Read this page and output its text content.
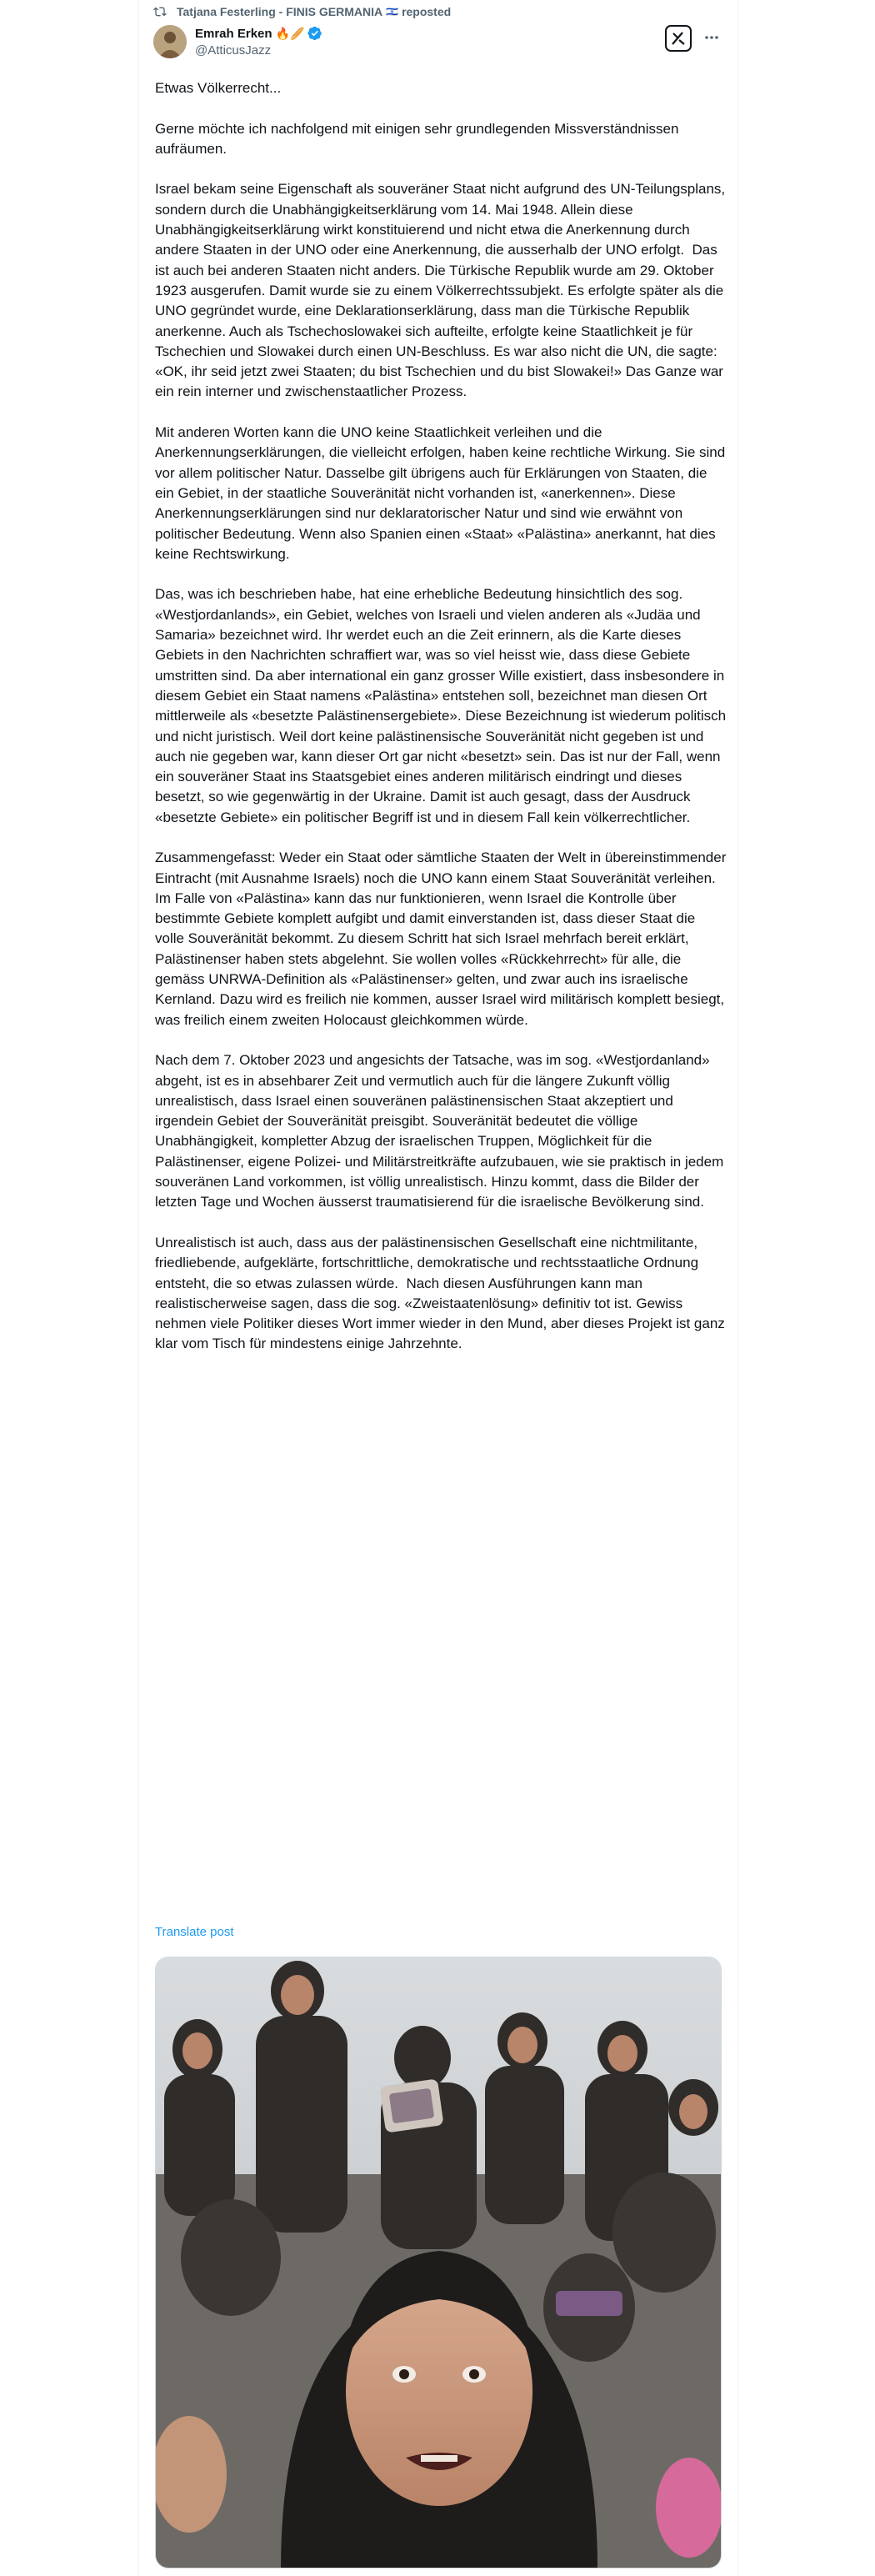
Tatjana Festerling - FINIS GERMANIA 🇮🇱 reposted
Emrah Erken 🔥🥖
@AtticusJazz

Etwas Völkerrecht...

Gerne möchte ich nachfolgend mit einigen sehr grundlegenden Missverständnissen aufräumen.

Israel bekam seine Eigenschaft als souveräner Staat nicht aufgrund des UN-Teilungsplans, sondern durch die Unabhängigkeitserklärung vom 14. Mai 1948. Allein diese Unabhängigkeitserklärung wirkt konstituierend und nicht etwa die Anerkennung durch andere Staaten in der UNO oder eine Anerkennung, die ausserhalb der UNO erfolgt.  Das ist auch bei anderen Staaten nicht anders. Die Türkische Republik wurde am 29. Oktober 1923 ausgerufen. Damit wurde sie zu einem Völkerrechtssubjekt. Es erfolgte später als die UNO gegründet wurde, eine Deklarationserklärung, dass man die Türkische Republik anerkenne. Auch als Tschechoslowakei sich aufteilte, erfolgte keine Staatlichkeit je für Tschechien und Slowakei durch einen UN-Beschluss. Es war also nicht die UN, die sagte: «OK, ihr seid jetzt zwei Staaten; du bist Tschechien und du bist Slowakei!» Das Ganze war ein rein interner und zwischenstaatlicher Prozess.

Mit anderen Worten kann die UNO keine Staatlichkeit verleihen und die Anerkennungserklärungen, die vielleicht erfolgen, haben keine rechtliche Wirkung. Sie sind vor allem politischer Natur. Dasselbe gilt übrigens auch für Erklärungen von Staaten, die ein Gebiet, in der staatliche Souveränität nicht vorhanden ist, «anerkennen». Diese Anerkennungserklärungen sind nur deklaratorischer Natur und sind wie erwähnt von politischer Bedeutung. Wenn also Spanien einen «Staat» «Palästina» anerkannt, hat dies keine Rechtswirkung.

Das, was ich beschrieben habe, hat eine erhebliche Bedeutung hinsichtlich des sog. «Westjordanlands», ein Gebiet, welches von Israeli und vielen anderen als «Judäa und Samaria» bezeichnet wird. Ihr werdet euch an die Zeit erinnern, als die Karte dieses Gebiets in den Nachrichten schraffiert war, was so viel heisst wie, dass diese Gebiete umstritten sind. Da aber international ein ganz grosser Wille existiert, dass insbesondere in diesem Gebiet ein Staat namens «Palästina» entstehen soll, bezeichnet man diesen Ort mittlerweile als «besetzte Palästinensergebiete». Diese Bezeichnung ist wiederum politisch und nicht juristisch. Weil dort keine palästinensische Souveränität nicht gegeben ist und auch nie gegeben war, kann dieser Ort gar nicht «besetzt» sein. Das ist nur der Fall, wenn ein souveräner Staat ins Staatsgebiet eines anderen militärisch eindringt und dieses besetzt, so wie gegenwärtig in der Ukraine. Damit ist auch gesagt, dass der Ausdruck «besetzte Gebiete» ein politischer Begriff ist und in diesem Fall kein völkerrechtlicher.

Zusammengefasst: Weder ein Staat oder sämtliche Staaten der Welt in übereinstimmender Eintracht (mit Ausnahme Israels) noch die UNO kann einem Staat Souveränität verleihen. Im Falle von «Palästina» kann das nur funktionieren, wenn Israel die Kontrolle über bestimmte Gebiete komplett aufgibt und damit einverstanden ist, dass dieser Staat die volle Souveränität bekommt. Zu diesem Schritt hat sich Israel mehrfach bereit erklärt, Palästinenser haben stets abgelehnt. Sie wollen volles «Rückkehrrecht» für alle, die gemäss UNRWA-Definition als «Palästinenser» gelten, und zwar auch ins israelische Kernland. Dazu wird es freilich nie kommen, ausser Israel wird militärisch komplett besiegt, was freilich einem zweiten Holocaust gleichkommen würde.

Nach dem 7. Oktober 2023 und angesichts der Tatsache, was im sog. «Westjordanland» abgeht, ist es in absehbarer Zeit und vermutlich auch für die längere Zukunft völlig unrealistisch, dass Israel einen souveränen palästinensischen Staat akzeptiert und irgendein Gebiet der Souveränität preisgibt. Souveränität bedeutet die völlige Unabhängigkeit, kompletter Abzug der israelischen Truppen, Möglichkeit für die Palästinenser, eigene Polizei- und Militärstreitkräfte aufzubauen, wie sie praktisch in jedem souveränen Land vorkommen, ist völlig unrealistisch. Hinzu kommt, dass die Bilder der letzten Tage und Wochen äusserst traumatisierend für die israelische Bevölkerung sind.

Unrealistisch ist auch, dass aus der palästinensischen Gesellschaft eine nichtmilitante, friedliebende, aufgeklärte, fortschrittliche, demokratische und rechtsstaatliche Ordnung entsteht, die so etwas zulassen würde.  Nach diesen Ausführungen kann man realistischerweise sagen, dass die sog. «Zweistaatenlösung» definitiv tot ist. Gewiss nehmen viele Politiker dieses Wort immer wieder in den Mund, aber dieses Projekt ist ganz klar vom Tisch für mindestens einige Jahrzehnte.

Translate post
